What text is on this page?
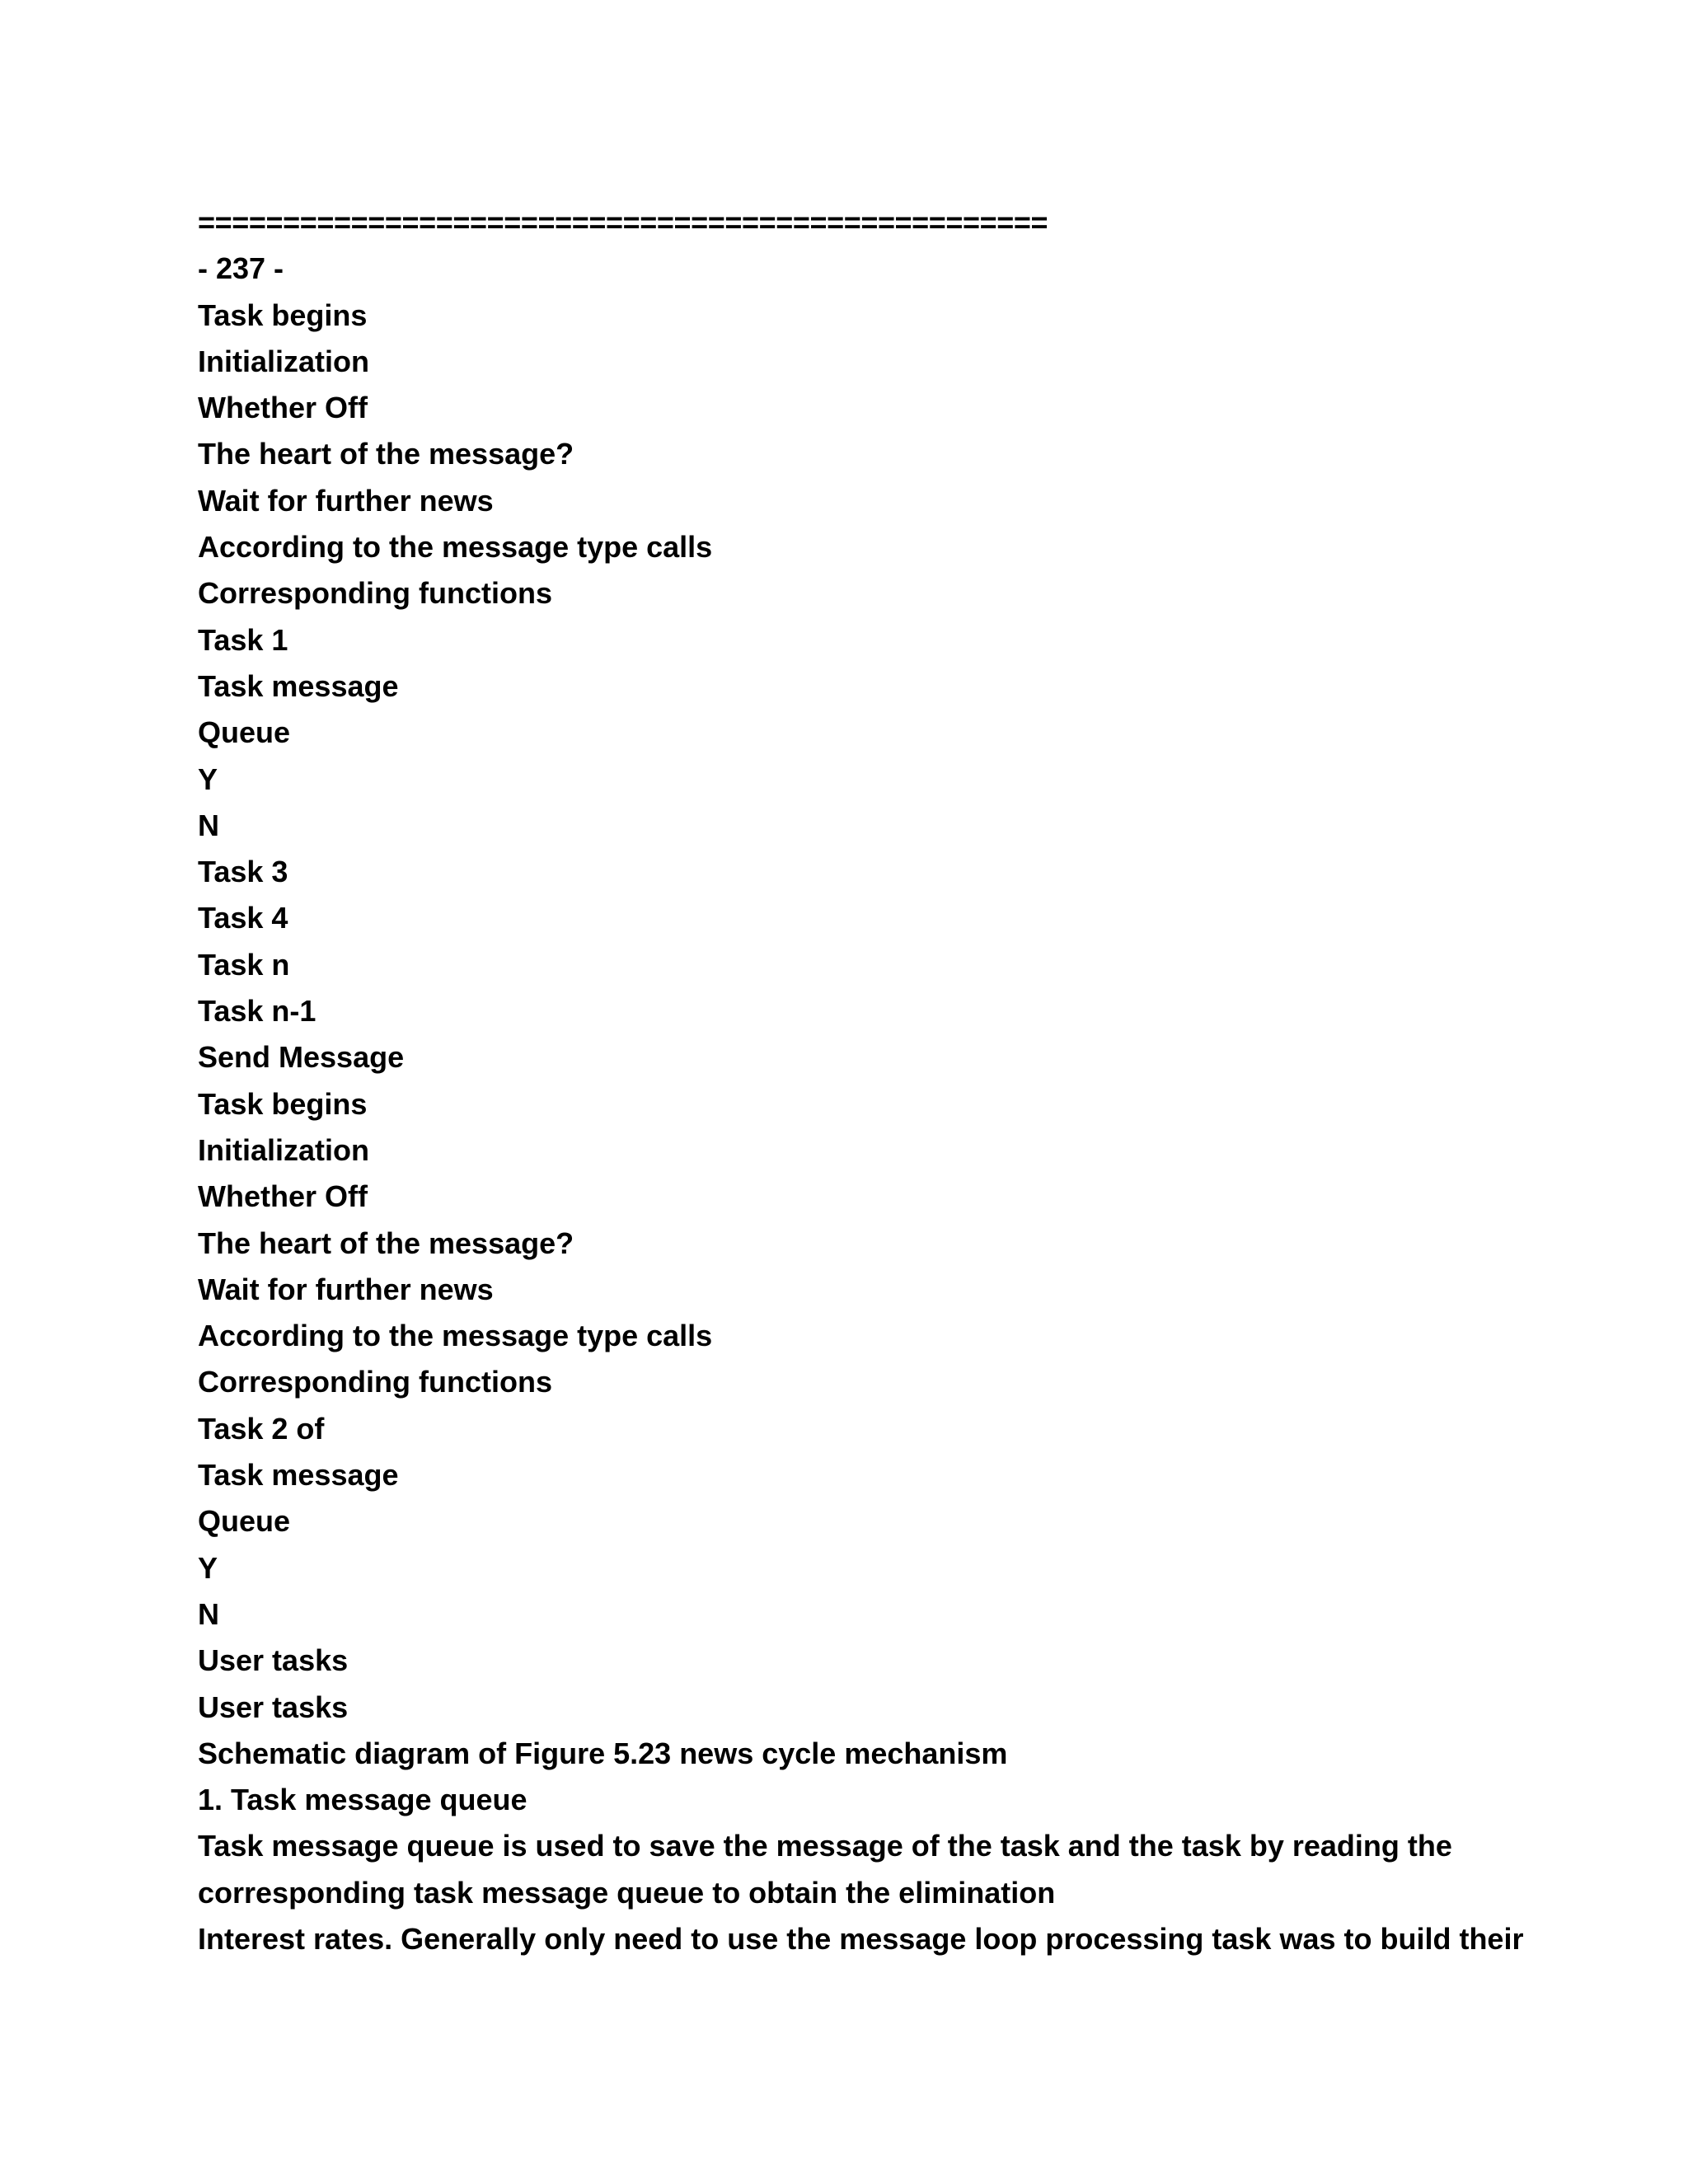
==================================================
- 237 -
Task begins
Initialization
Whether Off
The heart of the message?
Wait for further news
According to the message type calls
Corresponding functions
Task 1
Task message
Queue
Y
N
Task 3
Task 4
Task n
Task n-1
Send Message
Task begins
Initialization
Whether Off
The heart of the message?
Wait for further news
According to the message type calls
Corresponding functions
Task 2 of
Task message
Queue
Y
N
User tasks
User tasks
Schematic diagram of Figure 5.23 news cycle mechanism
1. Task message queue
Task message queue is used to save the message of the task and the task by reading the
corresponding task message queue to obtain the elimination
Interest rates. Generally only need to use the message loop processing task was to build their
